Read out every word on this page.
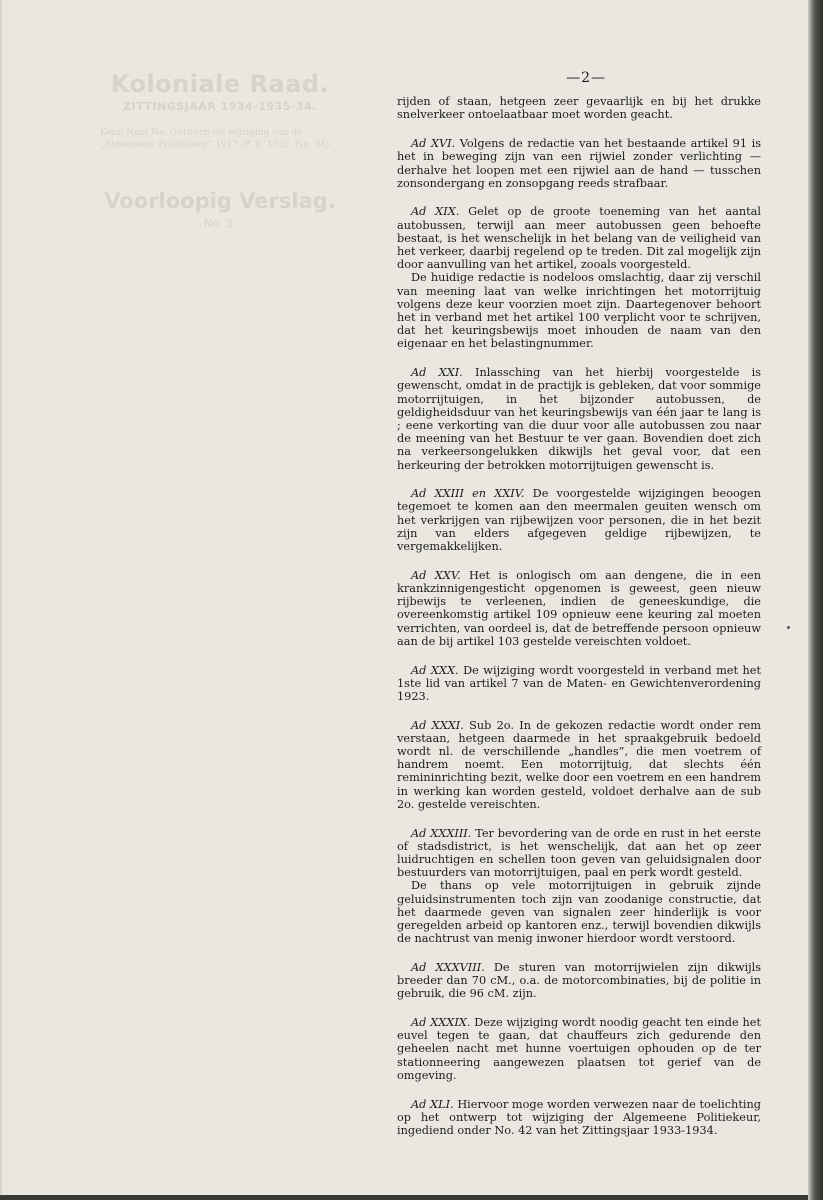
Koloniale Raad.
ZITTINGSJAAR 1934-1935-34.
Kenn Nom No. Ontwerp tot wijziging van de „Algemeene Politiekeur” 1917 (P. B. 1932, No. 34).
Voorloopig Verslag.
No. 3.
—2—

rijden of staan, hetgeen zeer gevaarlijk en bij het drukke snelverkeer ontoelaatbaar moet worden geacht.

Ad XVI. Volgens de redactie van het bestaande artikel 91 is het in beweging zijn van een rijwiel zonder verlichting — derhalve het loopen met een rijwiel aan de hand — tusschen zonsondergang en zonsopgang reeds strafbaar.

Ad XIX. Gelet op de groote toeneming van het aantal autobussen, terwijl aan meer autobussen geen behoefte bestaat, is het wenschelijk in het belang van de veiligheid van het verkeer, daarbij regelend op te treden. Dit zal mogelijk zijn door aanvulling van het artikel, zooals voorgesteld.

De huidige redactie is nodeloos omslachtig, daar zij verschil van meening laat van welke inrichtingen het motorrijtuig volgens deze keur voorzien moet zijn. Daartegenover behoort het in verband met het artikel 100 verplicht voor te schrijven, dat het keuringsbewijs moet inhouden de naam van den eigenaar en het belastingnummer.

Ad XXI. Inlassching van het hierbij voorgestelde is gewenscht, omdat in de practijk is gebleken, dat voor sommige motorrijtuigen, in het bijzonder autobussen, de geldigheidsduur van het keuringsbewijs van één jaar te lang is ; eene verkorting van die duur voor alle autobussen zou naar de meening van het Bestuur te ver gaan. Bovendien doet zich na verkeersongelukken dikwijls het geval voor, dat een herkeuring der betrokken motorrijtuigen gewenscht is.

Ad XXIII en XXIV. De voorgestelde wijzigingen beoogen tegemoet te komen aan den meermalen geuiten wensch om het verkrijgen van rijbewijzen voor personen, die in het bezit zijn van elders afgegeven geldige rijbewijzen, te vergemakkelijken.

Ad XXV. Het is onlogisch om aan dengene, die in een krankzinnigengesticht opgenomen is geweest, geen nieuw rijbewijs te verleenen, indien de geneeskundige, die overeenkomstig artikel 109 opnieuw eene keuring zal moeten verrichten, van oordeel is, dat de betreffende persoon opnieuw aan de bij artikel 103 gestelde vereischten voldoet.

Ad XXX. De wijziging wordt voorgesteld in verband met het 1ste lid van artikel 7 van de Maten- en Gewichtenverordening 1923.

Ad XXXI. Sub 2o. In de gekozen redactie wordt onder rem verstaan, hetgeen daarmede in het spraakgebruik bedoeld wordt nl. de verschillende „handles”, die men voetrem of handrem noemt. Een motorrijtuig, dat slechts één remininrichting bezit, welke door een voetrem en een handrem in werking kan worden gesteld, voldoet derhalve aan de sub 2o. gestelde vereischten.

Ad XXXIII. Ter bevordering van de orde en rust in het eerste of stadsdistrict, is het wenschelijk, dat aan het op zeer luidruchtigen en schellen toon geven van geluidsignalen door bestuurders van motorrijtuigen, paal en perk wordt gesteld.

De thans op vele motorrijtuigen in gebruik zijnde geluidsinstrumenten toch zijn van zoodanige constructie, dat het daarmede geven van signalen zeer hinderlijk is voor geregelden arbeid op kantoren enz., terwijl bovendien dikwijls de nachtrust van menig inwoner hierdoor wordt verstoord.

Ad XXXVIII. De sturen van motorrijwielen zijn dikwijls breeder dan 70 cM., o.a. de motorcombinaties, bij de politie in gebruik, die 96 cM. zijn.

Ad XXXIX. Deze wijziging wordt noodig geacht ten einde het euvel tegen te gaan, dat chauffeurs zich gedurende den geheelen nacht met hunne voertuigen ophouden op de ter stationneering aangewezen plaatsen tot gerief van de omgeving.

Ad XLI. Hiervoor moge worden verwezen naar de toelichting op het ontwerp tot wijziging der Algemeene Politiekeur, ingediend onder No. 42 van het Zittingsjaar 1933-1934.
